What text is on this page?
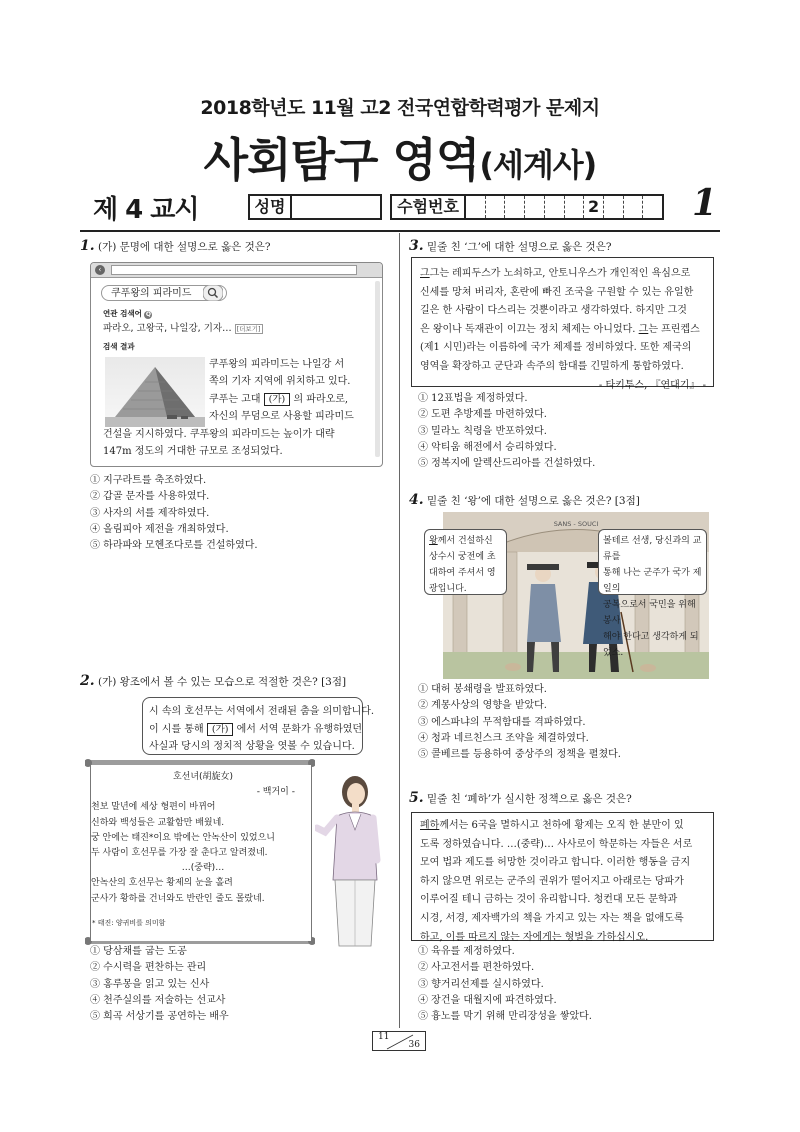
2018학년도 11월 고2 전국연합학력평가 문제지
사회탐구 영역(세계사)
제 4 교시	성명	수험번호	2	1
1. (가) 문명에 대한 설명으로 옳은 것은?
‹
쿠푸왕의 피라미드
연관 검색어 Q
파라오, 고왕국, 나일강, 기자… [더보기]
검색 결과
쿠푸왕의 피라미드는 나일강 서
쪽의 기자 지역에 위치하고 있다.
쿠푸는 고대 (가) 의 파라오로,
자신의 무덤으로 사용할 피라미드
건설을 지시하였다. 쿠푸왕의 피라미드는 높이가 대략
147m 정도의 거대한 규모로 조성되었다.
① 지구라트를 축조하였다.
② 갑골 문자를 사용하였다.
③ 사자의 서를 제작하였다.
④ 올림피아 제전을 개최하였다.
⑤ 하라파와 모헨조다로를 건설하였다.
2. (가) 왕조에서 볼 수 있는 모습으로 적절한 것은? [3점]
시 속의 호선무는 서역에서 전래된 춤을 의미합니다.
이 시를 통해 (가) 에서 서역 문화가 유행하였던
사실과 당시의 정치적 상황을 엿볼 수 있습니다.
호선녀(胡旋女)
- 백거이 -
천보 말년에 세상 형편이 바뀌어
신하와 백성들은 교활함만 배웠네.
궁 안에는 태진*이요 밖에는 안녹산이 있었으니
두 사람이 호선무를 가장 잘 춘다고 알려졌네.
…(중략)…
안녹산의 호선무는 황제의 눈을 홀려
군사가 황하를 건너와도 반란인 줄도 몰랐네.
* 태진: 양귀비를 의미함
① 당삼채를 굽는 도공
② 수시력을 편찬하는 관리
③ 홍루몽을 읽고 있는 신사
④ 천주실의를 저술하는 선교사
⑤ 희곡 서상기를 공연하는 배우
3. 밑줄 친 ‘그’에 대한 설명으로 옳은 것은?
그그는 레피두스가 노쇠하고, 안토니우스가 개인적인 욕심으로
신세를 망쳐 버리자, 혼란에 빠진 조국을 구원할 수 있는 유일한
길은 한 사람이 다스리는 것뿐이라고 생각하였다. 하지만 그것
은 왕이나 독재관이 이끄는 정치 체제는 아니었다. 그는 프린켑스
(제1 시민)라는 이름하에 국가 체제를 정비하였다. 또한 제국의
영역을 확장하고 군단과 속주의 함대를 긴밀하게 통합하였다.
- 타키투스, 『연대기』 -
① 12표법을 제정하였다.
② 도편 추방제를 마련하였다.
③ 밀라노 칙령을 반포하였다.
④ 악티움 해전에서 승리하였다.
⑤ 정복지에 알렉산드리아를 건설하였다.
4. 밑줄 친 ‘왕’에 대한 설명으로 옳은 것은? [3점]
SANS - SOUCI
왕께서 건설하신
상수시 궁전에 초
대하여 주셔서 영
광입니다.
볼테르 선생, 당신과의 교류를
통해 나는 군주가 국가 제일의
공복으로서 국민을 위해 봉사
해야 한다고 생각하게 되었소.
① 대허 봉쇄령을 발표하였다.
② 계몽사상의 영향을 받았다.
③ 에스파냐의 무적함대를 격파하였다.
④ 청과 네르친스크 조약을 체결하였다.
⑤ 콜베르를 등용하여 중상주의 정책을 펼쳤다.
5. 밑줄 친 ‘폐하’가 실시한 정책으로 옳은 것은?
폐하께서는 6국을 멸하시고 천하에 황제는 오직 한 분만이 있
도록 정하였습니다. …(중략)… 사사로이 학문하는 자들은 서로
모여 법과 제도를 허망한 것이라고 합니다. 이러한 행동을 금지
하지 않으면 위로는 군주의 권위가 떨어지고 아래로는 당파가
이루어질 테니 금하는 것이 유리합니다. 청컨대 모든 문학과
시경, 서경, 제자백가의 책을 가지고 있는 자는 책을 없애도록
하고, 이를 따르지 않는 자에게는 형벌을 가하십시오.
① 육유를 제정하였다.
② 사고전서를 편찬하였다.
③ 향거리선제를 실시하였다.
④ 장건을 대월지에 파견하였다.
⑤ 흉노를 막기 위해 만리장성을 쌓았다.
11
36
